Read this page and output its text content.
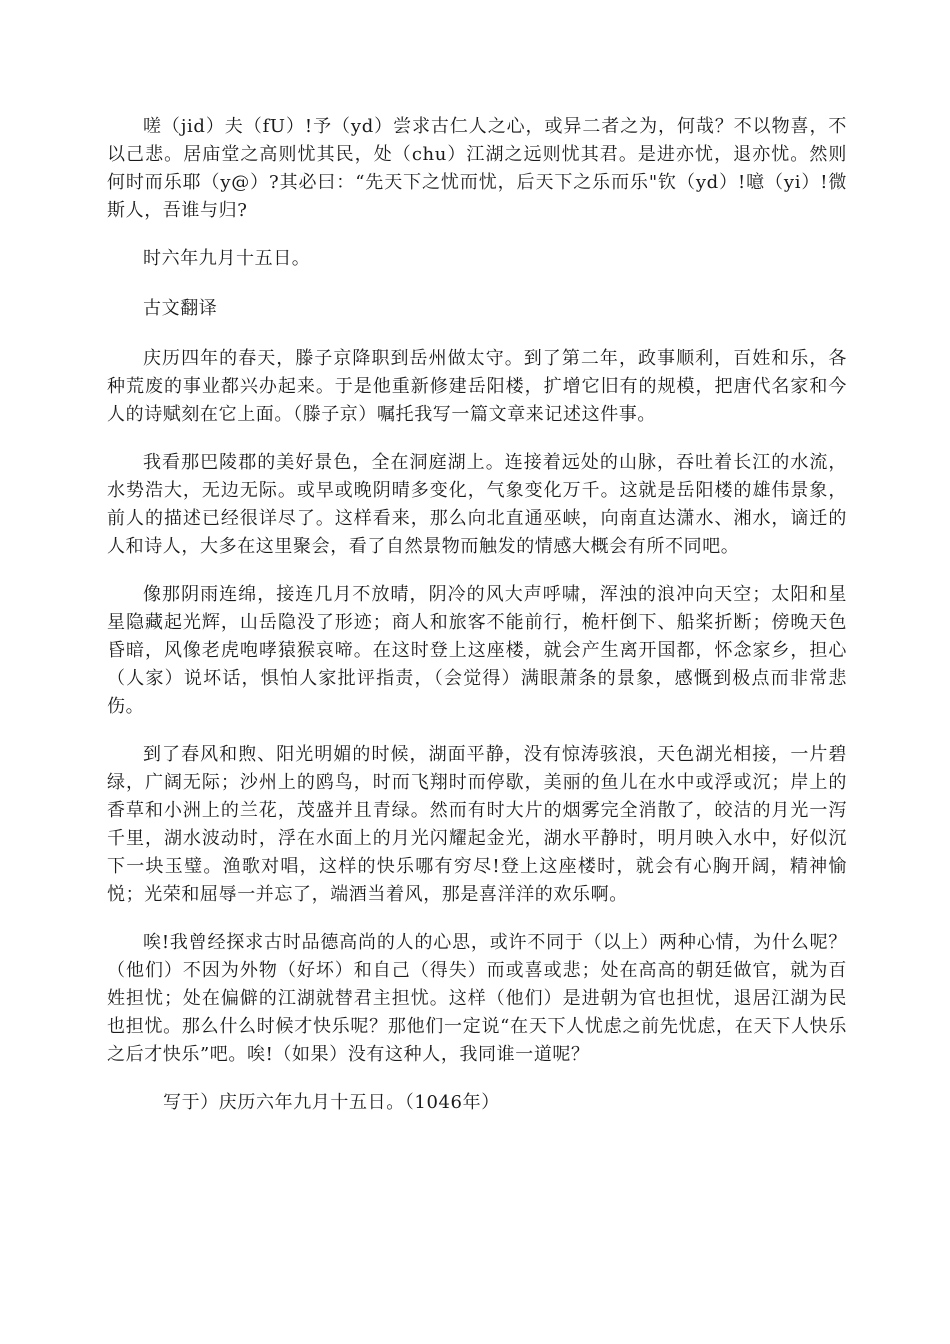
嗟（jid）夫（fU）!予（yd）尝求古仁人之心，或异二者之为，何哉？不以物喜，不以己悲。居庙堂之高则忧其民，处（chu）江湖之远则忧其君。是进亦忧，退亦忧。然则何时而乐耶（y@）?其必曰：“先天下之忧而忧，后天下之乐而乐"钦（yd）!噫（yi）!微斯人，吾谁与归?

时六年九月十五日。

古文翻译

庆历四年的春天，滕子京降职到岳州做太守。到了第二年，政事顺利，百姓和乐，各种荒废的事业都兴办起来。于是他重新修建岳阳楼，扩增它旧有的规模，把唐代名家和今人的诗赋刻在它上面。（滕子京）嘱托我写一篇文章来记述这件事。

我看那巴陵郡的美好景色，全在洞庭湖上。连接着远处的山脉，吞吐着长江的水流，水势浩大，无边无际。或早或晚阴晴多变化，气象变化万千。这就是岳阳楼的雄伟景象，前人的描述已经很详尽了。这样看来，那么向北直通巫峡，向南直达潇水、湘水，谪迁的人和诗人，大多在这里聚会，看了自然景物而触发的情感大概会有所不同吧。

像那阴雨连绵，接连几月不放晴，阴冷的风大声呼啸，浑浊的浪冲向天空；太阳和星星隐藏起光辉，山岳隐没了形迹；商人和旅客不能前行，桅杆倒下、船桨折断；傍晚天色昏暗，风像老虎咆哮猿猴哀啼。在这时登上这座楼，就会产生离开国都，怀念家乡，担心（人家）说坏话，惧怕人家批评指责，（会觉得）满眼萧条的景象，感慨到极点而非常悲伤。

到了春风和煦、阳光明媚的时候，湖面平静，没有惊涛骇浪，天色湖光相接，一片碧绿，广阔无际；沙州上的鸥鸟，时而飞翔时而停歇，美丽的鱼儿在水中或浮或沉；岸上的香草和小洲上的兰花，茂盛并且青绿。然而有时大片的烟雾完全消散了，皎洁的月光一泻千里，湖水波动时，浮在水面上的月光闪耀起金光，湖水平静时，明月映入水中，好似沉下一块玉璧。渔歌对唱，这样的快乐哪有穷尽!登上这座楼时，就会有心胸开阔，精神愉悦；光荣和屈辱一并忘了，端酒当着风，那是喜洋洋的欢乐啊。

唉!我曾经探求古时品德高尚的人的心思，或许不同于（以上）两种心情，为什么呢？（他们）不因为外物（好坏）和自己（得失）而或喜或悲；处在高高的朝廷做官，就为百姓担忧；处在偏僻的江湖就替君主担忧。这样（他们）是进朝为官也担忧，退居江湖为民也担忧。那么什么时候才快乐呢？那他们一定说“在天下人忧虑之前先忧虑，在天下人快乐之后才快乐”吧。唉!（如果）没有这种人，我同谁一道呢？

写于）庆历六年九月十五日。（1046年）
